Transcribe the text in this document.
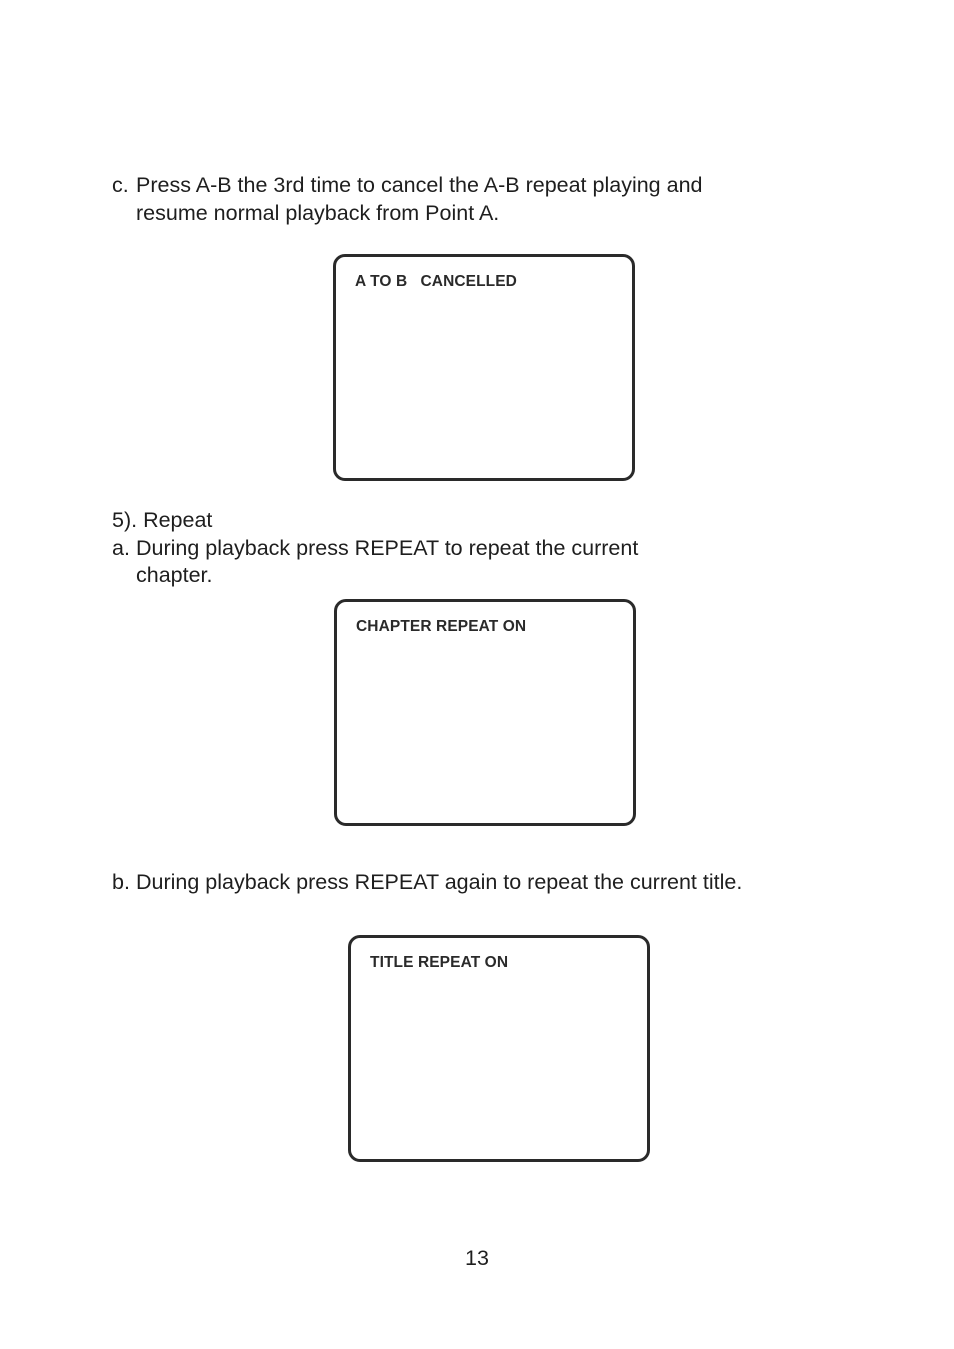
c. Press A-B the 3rd time to cancel the A-B repeat playing and

resume normal playback from Point A.

A TO B   CANCELLED

5). Repeat

a. During playback press REPEAT to repeat the current

chapter.

CHAPTER REPEAT ON

b. During playback press REPEAT again to repeat the current title.

TITLE REPEAT ON
13
